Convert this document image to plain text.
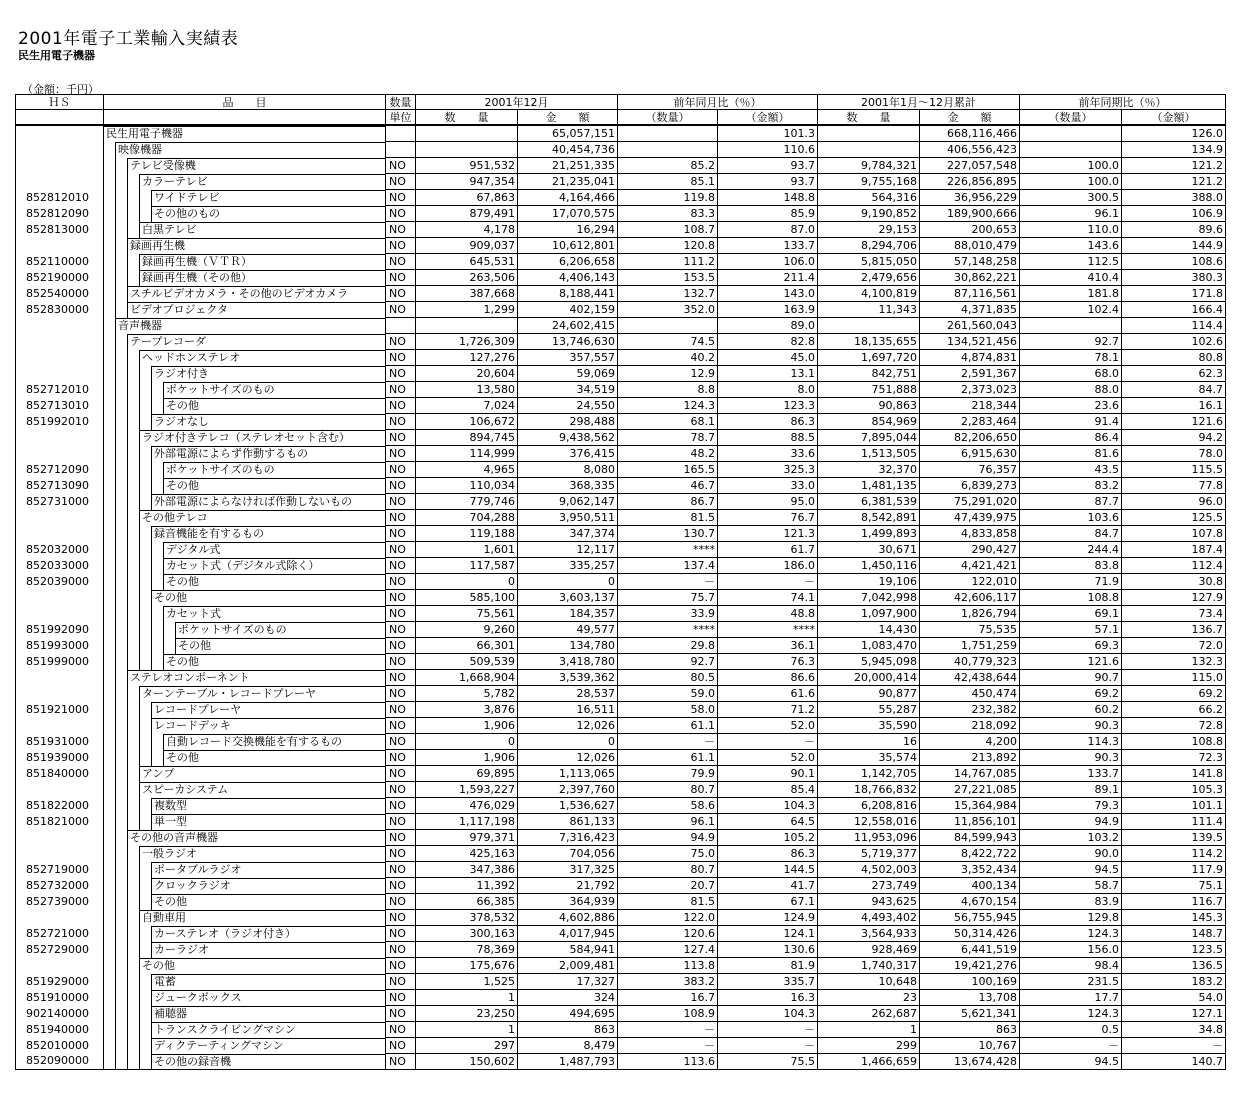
2001年電子工業輸入実績表
民生用電子機器
（金額：千円）
ＨＳ	品　　目	数量	2001年12月		前年同月比（％）		2001年1月～12月累計		前年同期比（％）	
		単位	数　　量	金　　額	（数量）	（金額）	数　　量	金　　額	（数量）	（金額）

	民生用電子機器			65,057,151		101.3		668,116,466		126.0

	映像機器			40,454,736		110.6		406,556,423		134.9

	テレビ受像機	NO	951,532	21,251,335	85.2	93.7	9,784,321	227,057,548	100.0	121.2

	カラーテレビ	NO	947,354	21,235,041	85.1	93.7	9,755,168	226,856,895	100.0	121.2
852812010	ワイドテレビ	NO	67,863	4,164,466	119.8	148.8	564,316	36,956,229	300.5	388.0
852812090	その他のもの	NO	879,491	17,070,575	83.3	85.9	9,190,852	189,900,666	96.1	106.9
852813000	白黒テレビ	NO	4,178	16,294	108.7	87.0	29,153	200,653	110.0	89.6

	録画再生機	NO	909,037	10,612,801	120.8	133.7	8,294,706	88,010,479	143.6	144.9
852110000	録画再生機（ＶＴＲ）	NO	645,531	6,206,658	111.2	106.0	5,815,050	57,148,258	112.5	108.6
852190000	録画再生機（その他）	NO	263,506	4,406,143	153.5	211.4	2,479,656	30,862,221	410.4	380.3
852540000	スチルビデオカメラ・その他のビデオカメラ	NO	387,668	8,188,441	132.7	143.0	4,100,819	87,116,561	181.8	171.8
852830000	ビデオプロジェクタ	NO	1,299	402,159	352.0	163.9	11,343	4,371,835	102.4	166.4

	音声機器			24,602,415		89.0		261,560,043		114.4

	テープレコーダ	NO	1,726,309	13,746,630	74.5	82.8	18,135,655	134,521,456	92.7	102.6

	ヘッドホンステレオ	NO	127,276	357,557	40.2	45.0	1,697,720	4,874,831	78.1	80.8

	ラジオ付き	NO	20,604	59,069	12.9	13.1	842,751	2,591,367	68.0	62.3
852712010	ポケットサイズのもの	NO	13,580	34,519	8.8	8.0	751,888	2,373,023	88.0	84.7
852713010	その他	NO	7,024	24,550	124.3	123.3	90,863	218,344	23.6	16.1
851992010	ラジオなし	NO	106,672	298,488	68.1	86.3	854,969	2,283,464	91.4	121.6

	ラジオ付きテレコ（ステレオセット含む）	NO	894,745	9,438,562	78.7	88.5	7,895,044	82,206,650	86.4	94.2

	外部電源によらず作動するもの	NO	114,999	376,415	48.2	33.6	1,513,505	6,915,630	81.6	78.0
852712090	ポケットサイズのもの	NO	4,965	8,080	165.5	325.3	32,370	76,357	43.5	115.5
852713090	その他	NO	110,034	368,335	46.7	33.0	1,481,135	6,839,273	83.2	77.8
852731000	外部電源によらなければ作動しないもの	NO	779,746	9,062,147	86.7	95.0	6,381,539	75,291,020	87.7	96.0

	その他テレコ	NO	704,288	3,950,511	81.5	76.7	8,542,891	47,439,975	103.6	125.5

	録音機能を有するもの	NO	119,188	347,374	130.7	121.3	1,499,893	4,833,858	84.7	107.8
852032000	デジタル式	NO	1,601	12,117	****	61.7	30,671	290,427	244.4	187.4
852033000	カセット式（デジタル式除く）	NO	117,587	335,257	137.4	186.0	1,450,116	4,421,421	83.8	112.4
852039000	その他	NO	0	0	－	－	19,106	122,010	71.9	30.8

	その他	NO	585,100	3,603,137	75.7	74.1	7,042,998	42,606,117	108.8	127.9

	カセット式	NO	75,561	184,357	33.9	48.8	1,097,900	1,826,794	69.1	73.4
851992090	ポケットサイズのもの	NO	9,260	49,577	****	****	14,430	75,535	57.1	136.7
851993000	その他	NO	66,301	134,780	29.8	36.1	1,083,470	1,751,259	69.3	72.0
851999000	その他	NO	509,539	3,418,780	92.7	76.3	5,945,098	40,779,323	121.6	132.3

	ステレオコンポーネント	NO	1,668,904	3,539,362	80.5	86.6	20,000,414	42,438,644	90.7	115.0

	ターンテーブル・レコードプレーヤ	NO	5,782	28,537	59.0	61.6	90,877	450,474	69.2	69.2
851921000	レコードプレーヤ	NO	3,876	16,511	58.0	71.2	55,287	232,382	60.2	66.2

	レコードデッキ	NO	1,906	12,026	61.1	52.0	35,590	218,092	90.3	72.8
851931000	自動レコード交換機能を有するもの	NO	0	0	－	－	16	4,200	114.3	108.8
851939000	その他	NO	1,906	12,026	61.1	52.0	35,574	213,892	90.3	72.3
851840000	アンプ	NO	69,895	1,113,065	79.9	90.1	1,142,705	14,767,085	133.7	141.8

	スピーカシステム	NO	1,593,227	2,397,760	80.7	85.4	18,766,832	27,221,085	89.1	105.3
851822000	複数型	NO	476,029	1,536,627	58.6	104.3	6,208,816	15,364,984	79.3	101.1
851821000	単一型	NO	1,117,198	861,133	96.1	64.5	12,558,016	11,856,101	94.9	111.4

	その他の音声機器	NO	979,371	7,316,423	94.9	105.2	11,953,096	84,599,943	103.2	139.5

	一般ラジオ	NO	425,163	704,056	75.0	86.3	5,719,377	8,422,722	90.0	114.2
852719000	ポータブルラジオ	NO	347,386	317,325	80.7	144.5	4,502,003	3,352,434	94.5	117.9
852732000	クロックラジオ	NO	11,392	21,792	20.7	41.7	273,749	400,134	58.7	75.1
852739000	その他	NO	66,385	364,939	81.5	67.1	943,625	4,670,154	83.9	116.7

	自動車用	NO	378,532	4,602,886	122.0	124.9	4,493,402	56,755,945	129.8	145.3
852721000	カーステレオ（ラジオ付き）	NO	300,163	4,017,945	120.6	124.1	3,564,933	50,314,426	124.3	148.7
852729000	カーラジオ	NO	78,369	584,941	127.4	130.6	928,469	6,441,519	156.0	123.5

	その他	NO	175,676	2,009,481	113.8	81.9	1,740,317	19,421,276	98.4	136.5
851929000	電蓄	NO	1,525	17,327	383.2	335.7	10,648	100,169	231.5	183.2
851910000	ジュークボックス	NO	1	324	16.7	16.3	23	13,708	17.7	54.0
902140000	補聴器	NO	23,250	494,695	108.9	104.3	262,687	5,621,341	124.3	127.1
851940000	トランスクライビングマシン	NO	1	863	－	－	1	863	0.5	34.8
852010000	ディクテーティングマシン	NO	297	8,479	－	－	299	10,767	－	－
852090000	その他の録音機	NO	150,602	1,487,793	113.6	75.5	1,466,659	13,674,428	94.5	140.7
